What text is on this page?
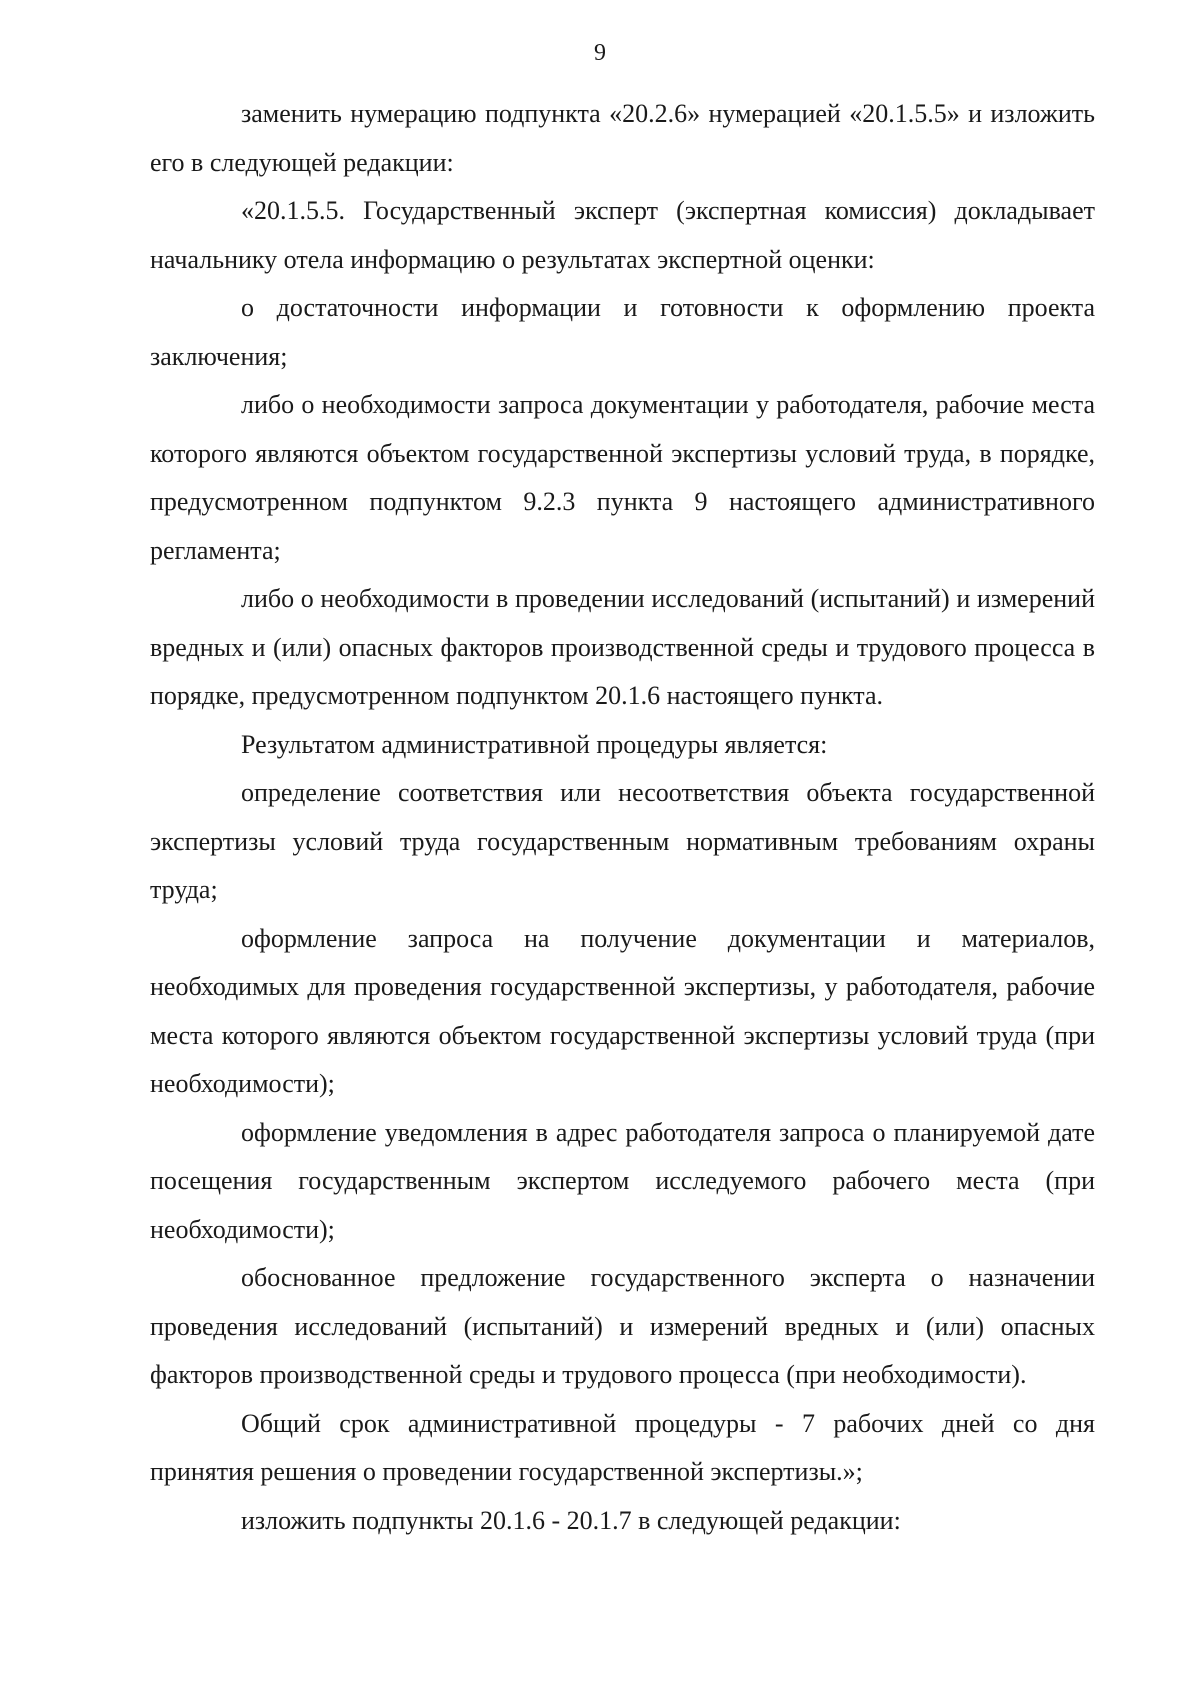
9

заменить нумерацию подпункта «20.2.6» нумерацией «20.1.5.5» и изложить его в следующей редакции:

«20.1.5.5. Государственный эксперт (экспертная комиссия) докладывает начальнику отела информацию о результатах экспертной оценки:

о достаточности информации и готовности к оформлению проекта заключения;

либо о необходимости запроса документации у работодателя, рабочие места которого являются объектом государственной экспертизы условий труда, в порядке, предусмотренном подпунктом 9.2.3 пункта 9 настоящего административного регламента;

либо о необходимости в проведении исследований (испытаний) и измерений вредных и (или) опасных факторов производственной среды и трудового процесса в порядке, предусмотренном подпунктом 20.1.6 настоящего пункта.

Результатом административной процедуры является:

определение соответствия или несоответствия объекта государственной экспертизы условий труда государственным нормативным требованиям охраны труда;

оформление запроса на получение документации и материалов, необходимых для проведения государственной экспертизы, у работодателя, рабочие места которого являются объектом государственной экспертизы условий труда (при необходимости);

оформление уведомления в адрес работодателя запроса о планируемой дате посещения государственным экспертом исследуемого рабочего места (при необходимости);

обоснованное предложение государственного эксперта о назначении проведения исследований (испытаний) и измерений вредных и (или) опасных факторов производственной среды и трудового процесса (при необходимости).

Общий срок административной процедуры - 7 рабочих дней со дня принятия решения о проведении государственной экспертизы.»;

изложить подпункты 20.1.6 - 20.1.7 в следующей редакции:
